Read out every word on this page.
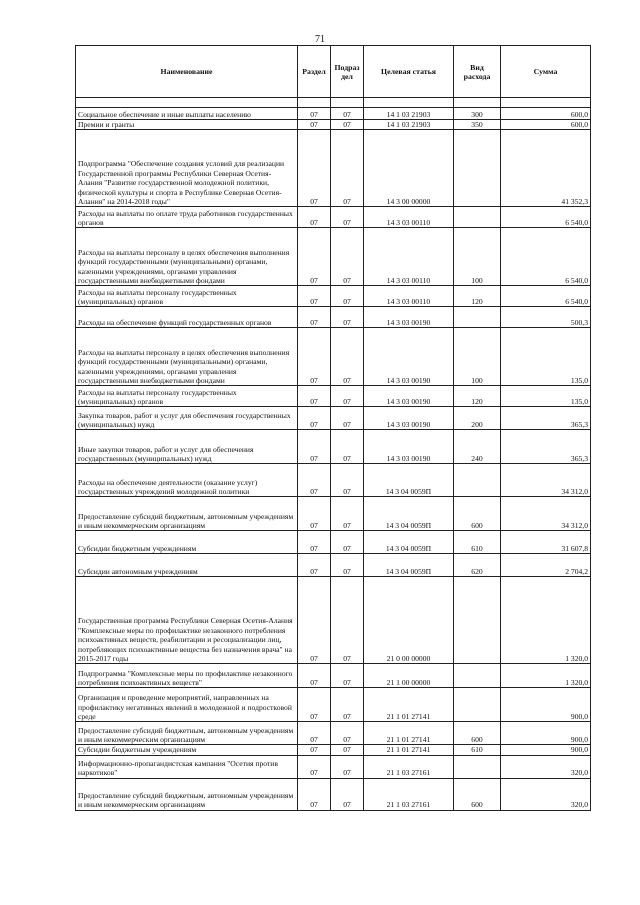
71
Наименование	Раздел	Подраз дел	Целевая статья	Вид расхода	Сумма

Социальное обеспечение и иные выплаты населению	07	07	14 1 03 21903	300	600,0
Премии и гранты	07	07	14 1 03 21903	350	600,0
Подпрограмма "Обеспечение создания условий для реализации Государственной программы Республики Северная Осетия-Алания "Развитие государственной молодежной политики, физической культуры и спорта в Республике Северная Осетия-Алания" на 2014-2018 годы"	07	07	14 3 00 00000		41 352,3
Расходы на выплаты по оплате труда работников государственных органов	07	07	14 3 03 00110		6 540,0
Расходы на выплаты персоналу в целях обеспечения выполнения функций государственными (муниципальными) органами, казенными учреждениями, органами управления государственными внебюджетными фондами	07	07	14 3 03 00110	100	6 540,0
Расходы на выплаты персоналу государственных (муниципальных) органов	07	07	14 3 03 00110	120	6 540,0
Расходы на обеспечение функций государственных органов	07	07	14 3 03 00190		500,3
Расходы на выплаты персоналу в целях обеспечения выполнения функций государственными (муниципальными) органами, казенными учреждениями, органами управления государственными внебюджетными фондами	07	07	14 3 03 00190	100	135,0
Расходы на выплаты персоналу государственных (муниципальных) органов	07	07	14 3 03 00190	120	135,0
Закупка товаров, работ и услуг для обеспечения государственных (муниципальных) нужд	07	07	14 3 03 00190	200	365,3
Иные закупки товаров, работ и услуг для обеспечения государственных (муниципальных) нужд	07	07	14 3 03 00190	240	365,3
Расходы на обеспечение деятельности (оказание услуг) государственных учреждений молодежной политики	07	07	14 3 04 0059П		34 312,0
Предоставление субсидий бюджетным, автономным учреждениям и иным некоммерческим организациям	07	07	14 3 04 0059П	600	34 312,0
Субсидии бюджетным учреждениям	07	07	14 3 04 0059П	610	31 607,8
Субсидии автономным учреждениям	07	07	14 3 04 0059П	620	2 704,2
Государственная программа Республики Северная Осетия-Алания "Комплексные меры по профилактике незаконного потребления психоактивных веществ, реабилитации и ресоциализации лиц, потребляющих психоактивные вещества без назначения врача" на 2015-2017 годы	07	07	21 0 00 00000		1 320,0
Подпрограмма "Комплексные меры по профилактике незаконного потребления психоактивных веществ"	07	07	21 1 00 00000		1 320,0
Организация и проведение мероприятий, направленных на профилактику негативных явлений в молодежной и подростковой среде	07	07	21 1 01 27141		900,0
Предоставление субсидий бюджетным, автономным учреждениям и иным некоммерческим организациям	07	07	21 1 01 27141	600	900,0
Субсидии бюджетным учреждениям	07	07	21 1 01 27141	610	900,0
Информационно-пропагандистская кампания "Осетия против наркотиков"	07	07	21 1 03 27161		320,0
Предоставление субсидий бюджетным, автономным учреждениям и иным некоммерческим организациям	07	07	21 1 03 27161	600	320,0
